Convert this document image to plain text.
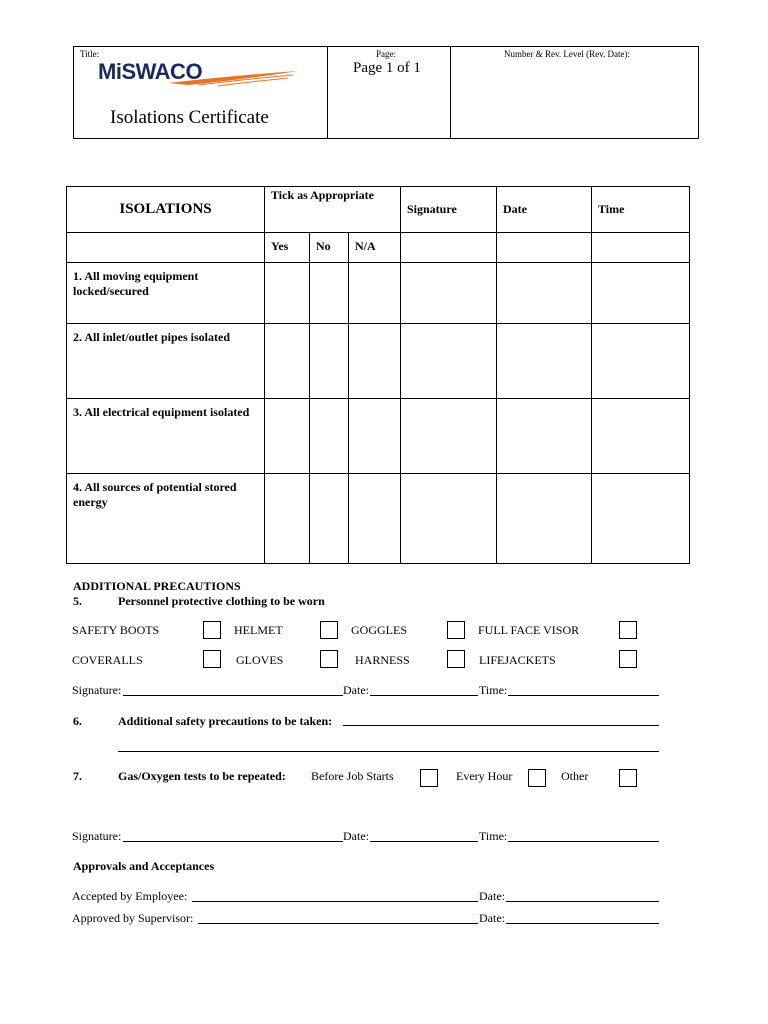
Title:
MiSWACO
Isolations Certificate
Page:
Page 1 of 1
Number & Rev. Level (Rev. Date):
ISOLATIONS	Tick as Appropriate			Signature	Date	Time
	Yes	No	N/A			
1. All moving equipment locked/secured						
2. All inlet/outlet pipes isolated						
3. All electrical equipment isolated						
4. All sources of potential stored energy						
ADDITIONAL PRECAUTIONS
5.	Personnel protective clothing to be worn
SAFETY BOOTS	HELMET	GOGGLES	FULL FACE VISOR
COVERALLS	GLOVES	HARNESS	LIFEJACKETS
Signature:	Date:	Time:
6.	Additional safety precautions to be taken:
7.	Gas/Oxygen tests to be repeated: Before Job Starts	Every Hour	Other
Signature:	Date:	Time:
Approvals and Acceptances
Accepted by Employee:	Date:
Approved by Supervisor:	Date:
